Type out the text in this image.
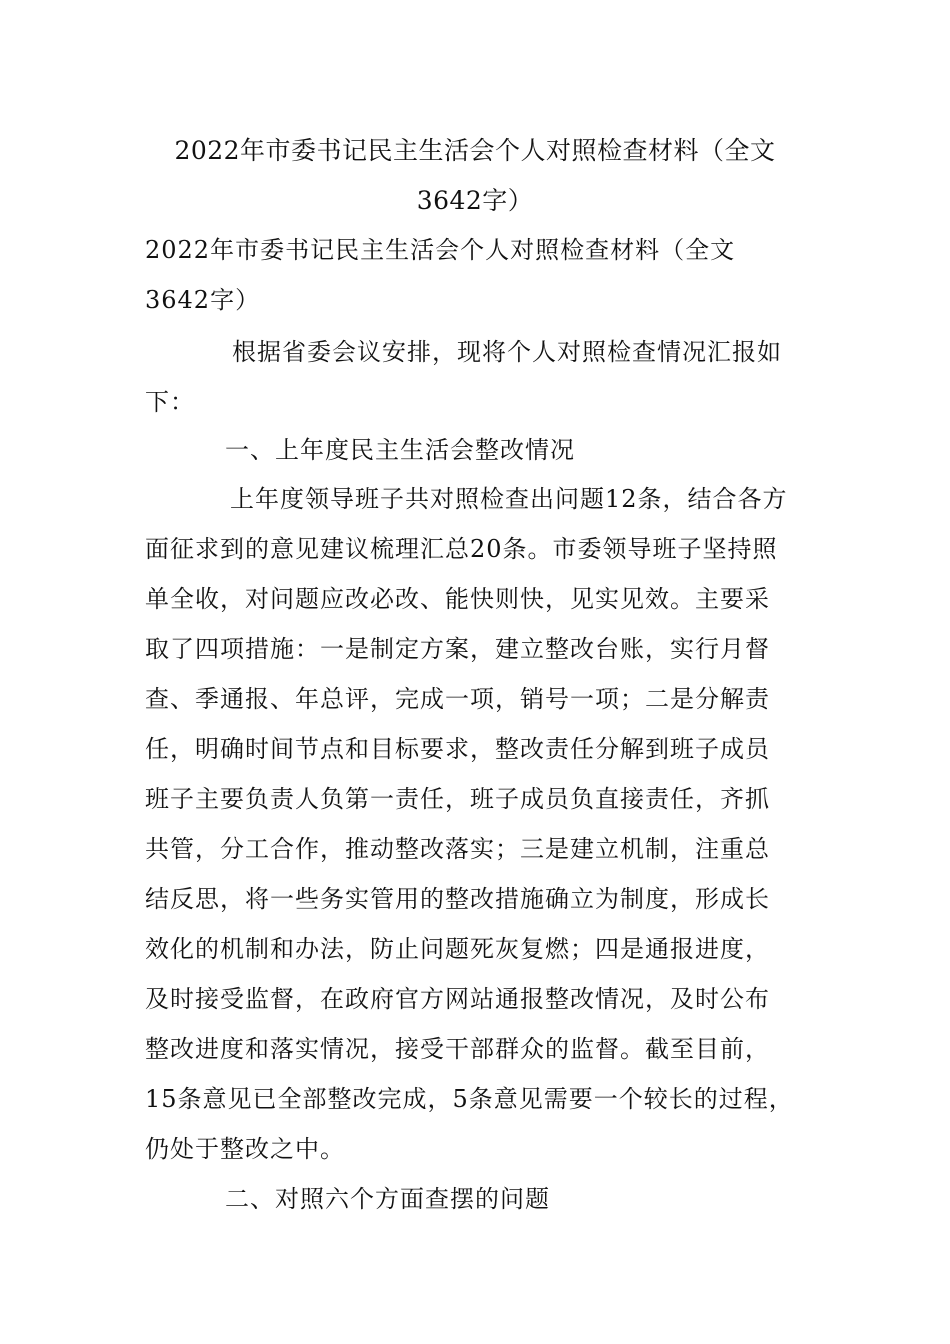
2022年市委书记民主生活会个人对照检查材料（全文
3642字）
2022年市委书记民主生活会个人对照检查材料（全文
3642字）
根据省委会议安排，现将个人对照检查情况汇报如
下：
一、上年度民主生活会整改情况
上年度领导班子共对照检查出问题12条，结合各方
面征求到的意见建议梳理汇总20条。市委领导班子坚持照
单全收，对问题应改必改、能快则快，见实见效。主要采
取了四项措施：一是制定方案，建立整改台账，实行月督
查、季通报、年总评，完成一项，销号一项；二是分解责
任，明确时间节点和目标要求，整改责任分解到班子成员
班子主要负责人负第一责任，班子成员负直接责任，齐抓
共管，分工合作，推动整改落实；三是建立机制，注重总
结反思，将一些务实管用的整改措施确立为制度，形成长
效化的机制和办法，防止问题死灰复燃；四是通报进度，
及时接受监督，在政府官方网站通报整改情况，及时公布
整改进度和落实情况，接受干部群众的监督。截至目前，
15条意见已全部整改完成，5条意见需要一个较长的过程，
仍处于整改之中。
二、对照六个方面查摆的问题
